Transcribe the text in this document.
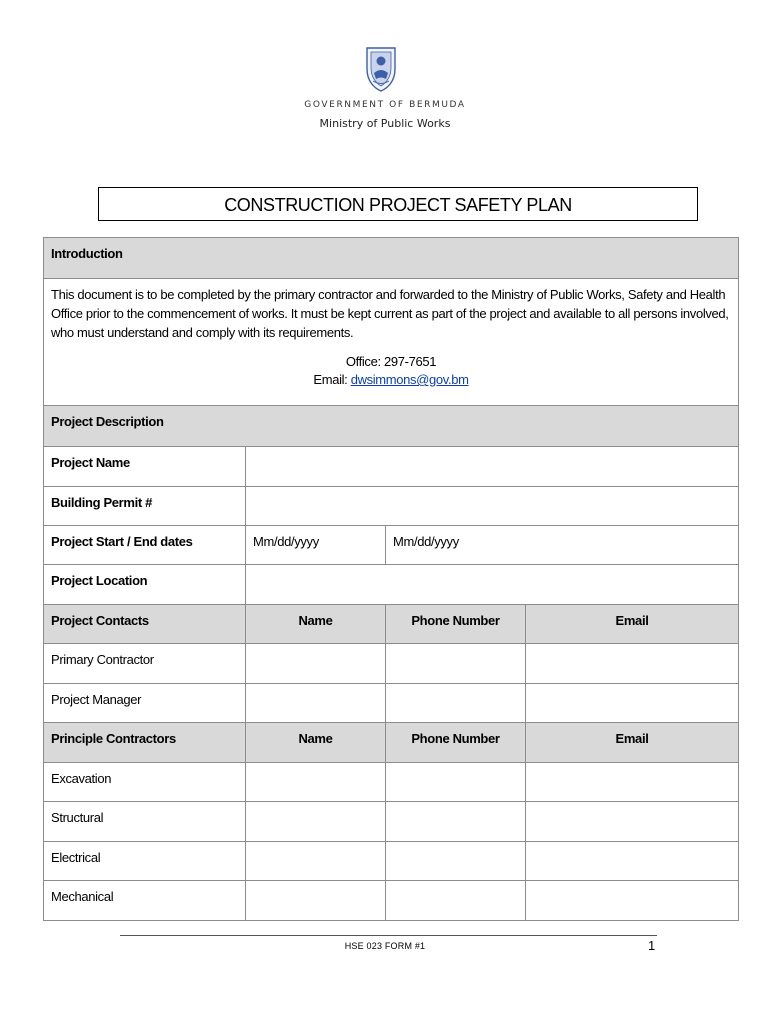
GOVERNMENT OF BERMUDA
Ministry of Public Works
CONSTRUCTION PROJECT SAFETY PLAN
Introduction			

This document is to be completed by the primary contractor and forwarded to the Ministry of Public Works, Safety and Health Office prior to the commencement of works. It must be kept current as part of the project and available to all persons involved, who must understand and comply with its requirements.
Office: 297-7651
Email: dwsimmons@gov.bm			

Project Description			
Project Name			
Building Permit #			
Project Start / End dates	Mm/dd/yyyy	Mm/dd/yyyy	
Project Location			
Project Contacts	Name	Phone Number	Email
Primary Contractor			
Project Manager			
Principle Contractors	Name	Phone Number	Email
Excavation			
Structural			
Electrical			
Mechanical			
HSE 023 FORM #1	1
